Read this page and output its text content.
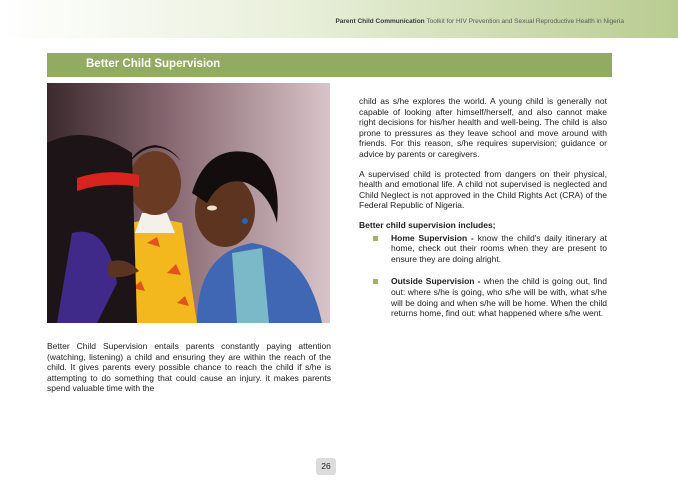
Parent Child Communication Toolkit for HIV Prevention and Sexual Reproductive Health in Nigeria
Better Child Supervision

Better Child Supervision entails parents constantly paying attention (watching, listening) a child and ensuring they are within the reach of the child. It gives parents every possible chance to reach the child if s/he is attempting to do something that could cause an injury. it makes parents spend valuable time with the

child as s/he explores the world. A young child is generally not capable of looking after himself/herself, and also cannot make right decisions for his/her health and well-being. The child is also prone to pressures as they leave school and move around with friends. For this reason, s/he requires supervision; guidance or advice by parents or caregivers.

A supervised child is protected from dangers on their physical, health and emotional life. A child not supervised is neglected and Child Neglect is not approved in the Child Rights Act (CRA) of the Federal Republic of Nigeria.

Better child supervision includes;

Home Supervision - know the child's daily itinerary at home, check out their rooms when they are present to ensure they are doing alright.
Outside Supervision - when the child is going out, find out: where s/he is going, who s/he will be with, what s/he will be doing and when s/he will be home. When the child returns home, find out: what happened where s/he went.
26
